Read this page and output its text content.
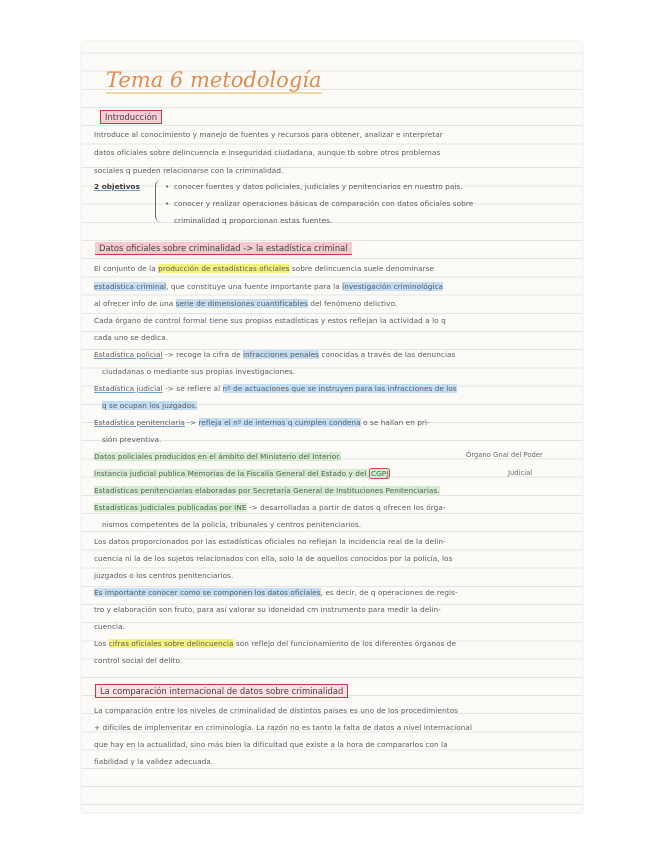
Tema 6 metodología
Introducción
Introduce al conocimiento y manejo de fuentes y recursos para obtener, analizar e interpretar
datos oficiales sobre delincuencia e inseguridad ciudadana, aunque tb sobre otros problemas
sociales q pueden relacionarse con la criminalidad.
2 objetivos	• conocer fuentes y datos policiales, judiciales y penitenciarios en nuestro país.
• conocer y realizar operaciones básicas de comparación con datos oficiales sobre
criminalidad q proporcionan estas fuentes.
Datos oficiales sobre criminalidad -> la estadística criminal
El conjunto de la producción de estadísticas oficiales sobre delincuencia suele denominarse
estadística criminal, que constituye una fuente importante para la investigación criminológica
al ofrecer info de una serie de dimensiones cuantificables del fenómeno delictivo.
Cada órgano de control formal tiene sus propias estadísticas y estos reflejan la actividad a lo q
cada uno se dedica.
Estadística policial -> recoge la cifra de infracciones penales conocidas a través de las denuncias
ciudadanas o mediante sus propias investigaciones.
Estadística judicial -> se refiere al nº de actuaciones que se instruyen para las infracciones de los
q se ocupan los juzgados.
Estadística penitenciaria -> refleja el nº de internos q cumplen condena o se hallan en pri-
sión preventiva.
Datos policiales producidos en el ámbito del Ministerio del Interior.	Órgano Gnal del Poder
Instancia judicial publica Memorias de la Fiscalía General del Estado y del CGPJ	Judicial
Estadísticas penitenciarias elaboradas por Secretaría General de Instituciones Penitenciarias.
Estadísticas judiciales publicadas por INE -> desarrolladas a partir de datos q ofrecen los órga-
nismos competentes de la policía, tribunales y centros penitenciarios.
Los datos proporcionados por las estadísticas oficiales no reflejan la incidencia real de la delin-
cuencia ni la de los sujetos relacionados con ella, solo la de aquellos conocidos por la policía, los
juzgados o los centros penitenciarios.
Es importante conocer como se componen los datos oficiales, es decir, de q operaciones de regis-
tro y elaboración son fruto, para así valorar su idoneidad cm instrumento para medir la delin-
cuencia.
Los cifras oficiales sobre delincuencia son reflejo del funcionamiento de los diferentes órganos de
control social del delito.
La comparación internacional de datos sobre criminalidad
La comparación entre los niveles de criminalidad de distintos países es uno de los procedimientos
+ difíciles de implementar en criminología. La razón no es tanto la falta de datos a nivel internacional
que hay en la actualidad, sino más bien la dificultad que existe a la hora de compararlos con la
fiabilidad y la validez adecuada.
